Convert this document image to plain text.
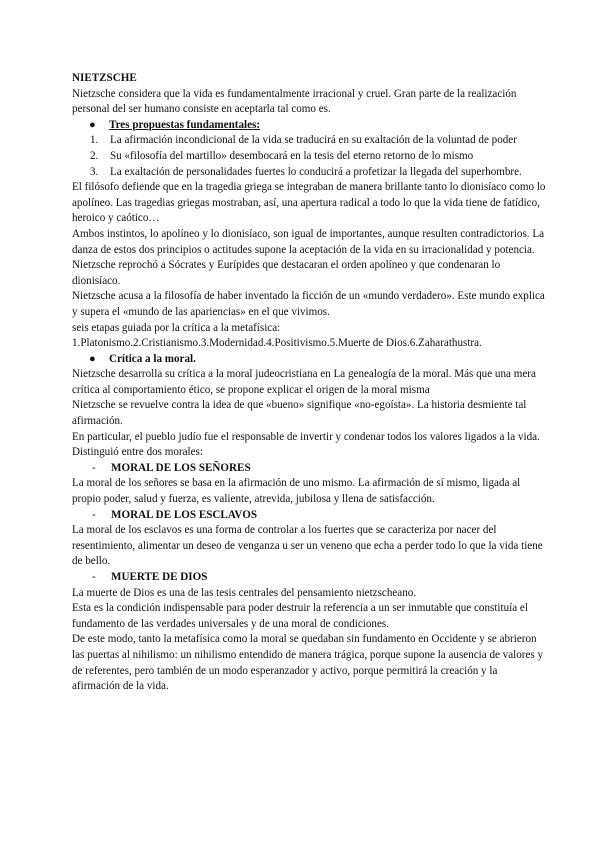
NIETZSCHE

Nietzsche considera que la vida es fundamentalmente irracional y cruel. Gran parte de la realización personal del ser humano consiste en aceptarla tal como es.

● Tres propuestas fundamentales:
1. La afirmación incondicional de la vida se traducirá en su exaltación de la voluntad de poder
2. Su «filosofía del martillo» desembocará en la tesis del eterno retorno de lo mismo
3. La exaltación de personalidades fuertes lo conducirá a profetizar la llegada del superhombre.

El filósofo defiende que en la tragedia griega se integraban de manera brillante tanto lo dionisíaco como lo apolíneo. Las tragedias griegas mostraban, así, una apertura radical a todo lo que la vida tiene de fatídico, heroico y caótico…

Ambos instintos, lo apolíneo y lo dionisíaco, son igual de importantes, aunque resulten contradictorios. La danza de estos dos principios o actitudes supone la aceptación de la vida en su irracionalidad y potencia.

Nietzsche reprochó a Sócrates y Eurípides que destacaran el orden apolíneo y que condenaran lo dionisíaco.

Nietzsche acusa a la filosofía de haber inventado la ficción de un «mundo verdadero». Este mundo explica y supera el «mundo de las apariencias» en el que vivimos.

seis etapas guiada por la crítica a la metafísica:

1.Platonismo.2.Cristianismo.3.Modernidad.4.Positivismo.5.Muerte de Dios.6.Zaharathustra.

● Crítica a la moral.

Nietzsche desarrolla su crítica a la moral judeocristiana en La genealogía de la moral. Más que una mera crítica al comportamiento ético, se propone explicar el origen de la moral misma

Nietzsche se revuelve contra la idea de que «bueno» signifique «no-egoísta». La historia desmiente tal afirmación.

En particular, el pueblo judío fue el responsable de invertir y condenar todos los valores ligados a la vida. Distinguió entre dos morales:

- MORAL DE LOS SEÑORES

La moral de los señores se basa en la afirmación de uno mismo. La afirmación de sí mismo, ligada al propio poder, salud y fuerza, es valiente, atrevida, jubilosa y llena de satisfacción.

- MORAL DE LOS ESCLAVOS

La moral de los esclavos es una forma de controlar a los fuertes que se caracteriza por nacer del resentimiento, alimentar un deseo de venganza u ser un veneno que echa a perder todo lo que la vida tiene de bello.

- MUERTE DE DIOS

La muerte de Dios es una de las tesis centrales del pensamiento nietzscheano.

Esta es la condición indispensable para poder destruir la referencia a un ser inmutable que constituía el fundamento de las verdades universales y de una moral de condiciones.

De este modo, tanto la metafísica como la moral se quedaban sin fundamento en Occidente y se abrieron las puertas al nihilismo: un nihilismo entendido de manera trágica, porque supone la ausencia de valores y de referentes, pero también de un modo esperanzador y activo, porque permitirá la creación y la

afirmación de la vida.
